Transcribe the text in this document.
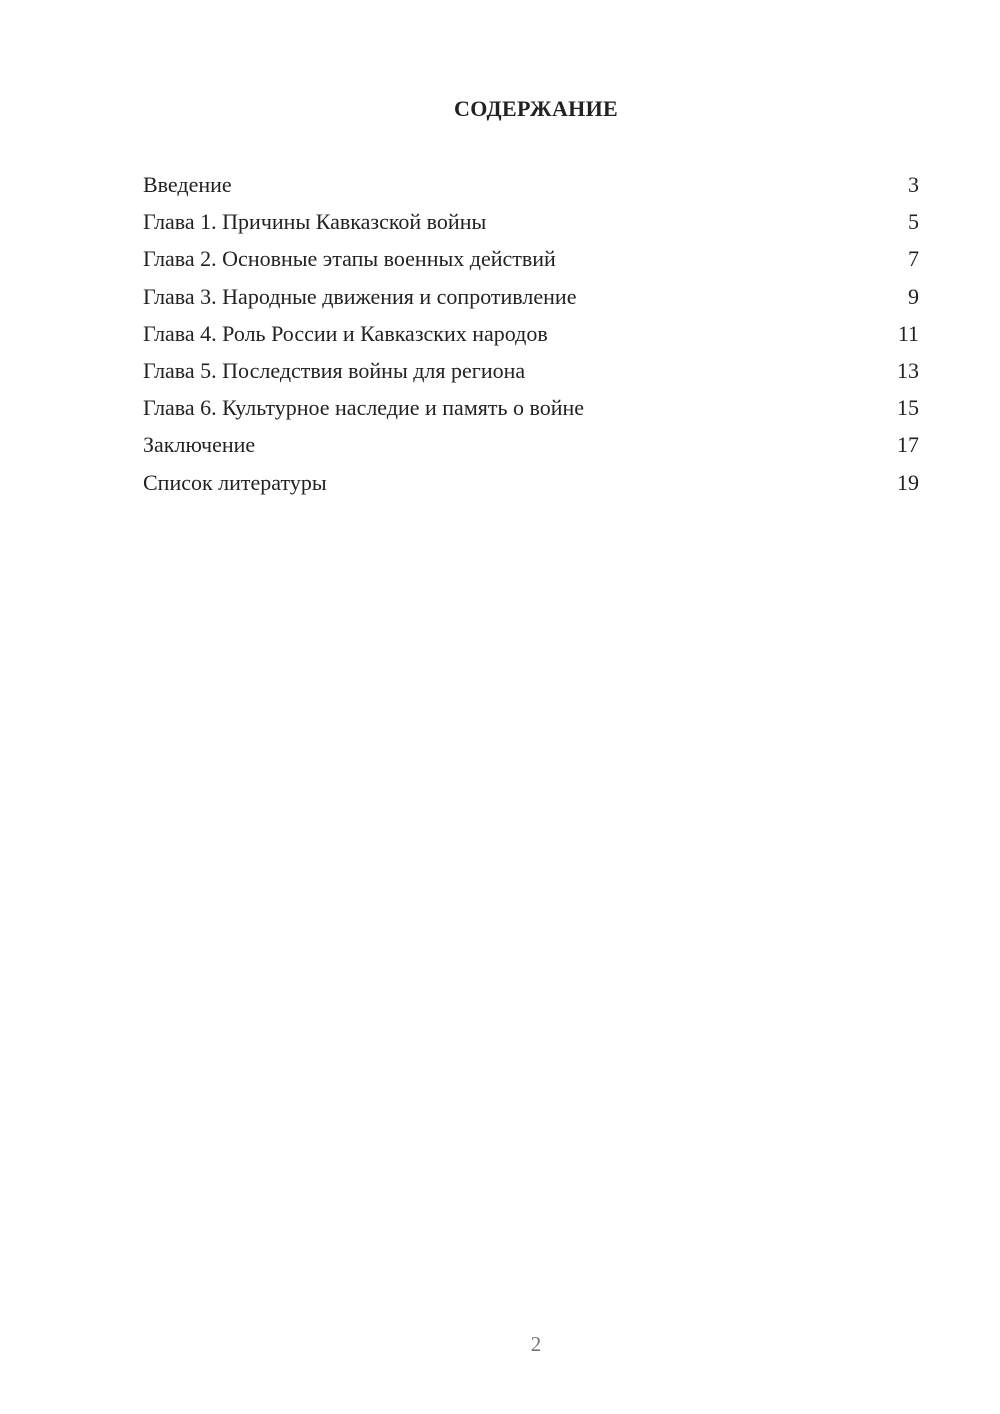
СОДЕРЖАНИЕ
Введение	3
Глава 1. Причины Кавказской войны	5
Глава 2. Основные этапы военных действий	7
Глава 3. Народные движения и сопротивление	9
Глава 4. Роль России и Кавказских народов	11
Глава 5. Последствия войны для региона	13
Глава 6. Культурное наследие и память о войне	15
Заключение	17
Список литературы	19
2
